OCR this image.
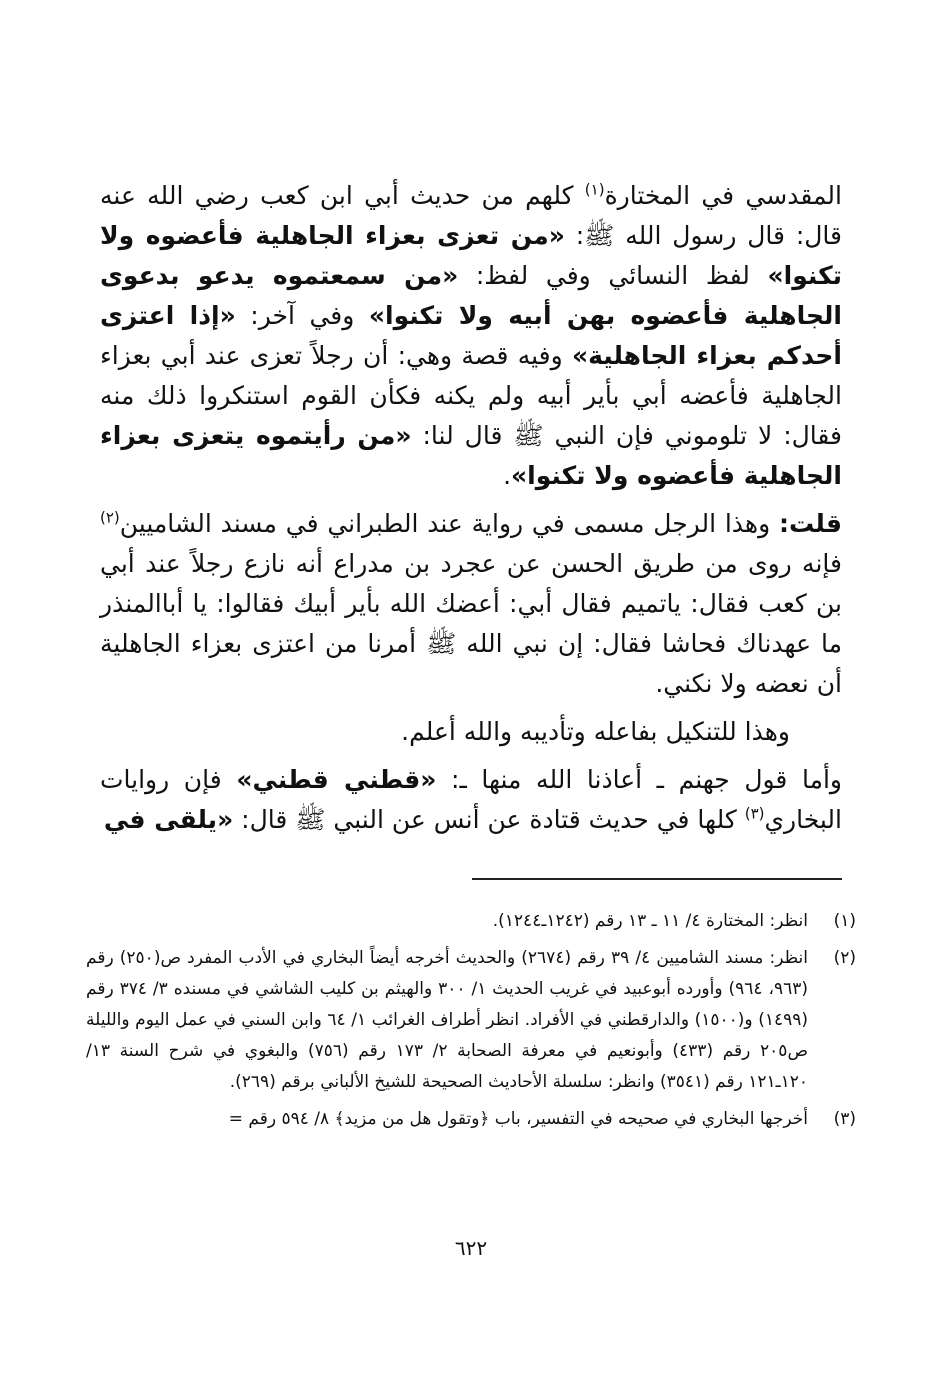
المقدسي في المختارة$^{(١)}$ كلهم من حديث أبي ابن كعب رضي الله عنه قال: قال رسول الله ﷺ: «من تعزى بعزاء الجاهلية فأعضوه ولا تكنوا» لفظ النسائي وفي لفظ: «من سمعتموه يدعو بدعوى الجاهلية فأعضوه بهن أبيه ولا تكنوا» وفي آخر: «إذا اعتزى أحدكم بعزاء الجاهلية» وفيه قصة وهي: أن رجلاً تعزى عند أبي بعزاء الجاهلية فأعضه أبي بأير أبيه ولم يكنه فكأن القوم استنكروا ذلك منه فقال: لا تلوموني فإن النبي ﷺ قال لنا: «من رأيتموه يتعزى بعزاء الجاهلية فأعضوه ولا تكنوا».

قلت: وهذا الرجل مسمى في رواية عند الطبراني في مسند الشاميين$^{(٢)}$ فإنه روى من طريق الحسن عن عجرد بن مدراع أنه نازع رجلاً عند أبي بن كعب فقال: ياتميم فقال أبي: أعضك الله بأير أبيك فقالوا: يا أباالمنذر ما عهدناك فحاشا فقال: إن نبي الله ﷺ أمرنا من اعتزى بعزاء الجاهلية أن نعضه ولا نكني.

وهذا للتنكيل بفاعله وتأديبه والله أعلم.

وأما قول جهنم ـ أعاذنا الله منها ـ: «قطني قطني» فإن روايات البخاري$^{(٣)}$ كلها في حديث قتادة عن أنس عن النبي ﷺ قال: «يلقى في

(١)
انظر: المختارة ٤/ ١١ ـ ١٣ رقم (١٢٤٢ـ١٢٤٤).
(٢)
انظر: مسند الشاميين ٤/ ٣٩ رقم (٢٦٧٤) والحديث أخرجه أيضاً البخاري في الأدب المفرد ص(٢٥٠) رقم (٩٦٣، ٩٦٤) وأورده أبوعبيد في غريب الحديث ١/ ٣٠٠ والهيثم بن كليب الشاشي في مسنده ٣/ ٣٧٤ رقم (١٤٩٩) و(١٥٠٠) والدارقطني في الأفراد. انظر أطراف الغرائب ١/ ٦٤ وابن السني في عمل اليوم والليلة ص٢٠٥ رقم (٤٣٣) وأبونعيم في معرفة الصحابة ٢/ ١٧٣ رقم (٧٥٦) والبغوي في شرح السنة ١٣/ ١٢٠ـ١٢١ رقم (٣٥٤١) وانظر: سلسلة الأحاديث الصحيحة للشيخ الألباني برقم (٢٦٩).
(٣)
أخرجها البخاري في صحيحه في التفسير، باب ﴿وتقول هل من مزيد﴾ ٨/ ٥٩٤ رقم =
٦٢٢
